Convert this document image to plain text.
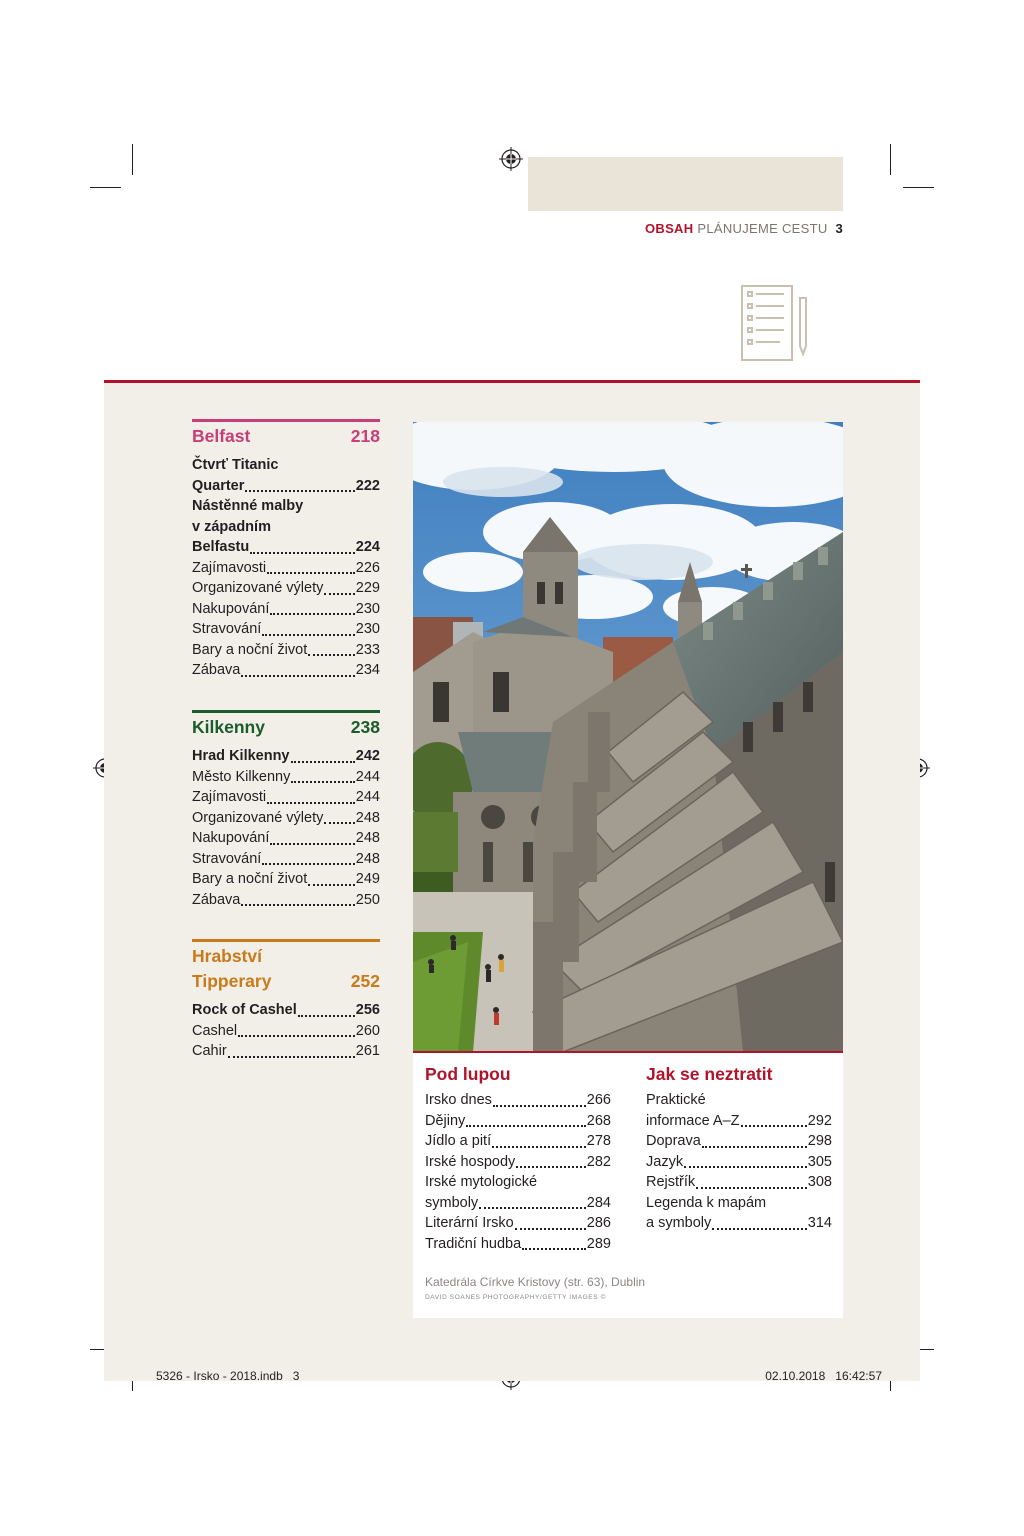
OBSAH PLÁNUJEME CESTU 3
Belfast	218
Čtvrť Titanic
Quarter	222
Nástěnné malby
v západním
Belfastu	224
Zajímavosti	226
Organizované výlety 229
Nakupování	230
Stravování	230
Bary a noční život	233
Zábava	234
Kilkenny	238
Hrad Kilkenny	242
Město Kilkenny	244
Zajímavosti	244
Organizované výlety 248
Nakupování	248
Stravování	248
Bary a noční život	249
Zábava	250
Hrabství
Tipperary	252
Rock of Cashel	256
Cashel	260
Cahir	261
Pod lupou
Irsko dnes	266
Dějiny	268
Jídlo a pití	278
Irské hospody	282
Irské mytologické
symboly	284
Literární Irsko	286
Tradiční hudba	289
Jak se neztratit
Praktické
informace A–Z	292
Doprava	298
Jazyk	305
Rejstřík	308
Legenda k mapám
a symboly	314
Katedrála Církve Kristovy (str. 63), Dublin
DAVID SOANES PHOTOGRAPHY/GETTY IMAGES ©
5326 - Irsko - 2018.indb   3	02.10.2018   16:42:57
